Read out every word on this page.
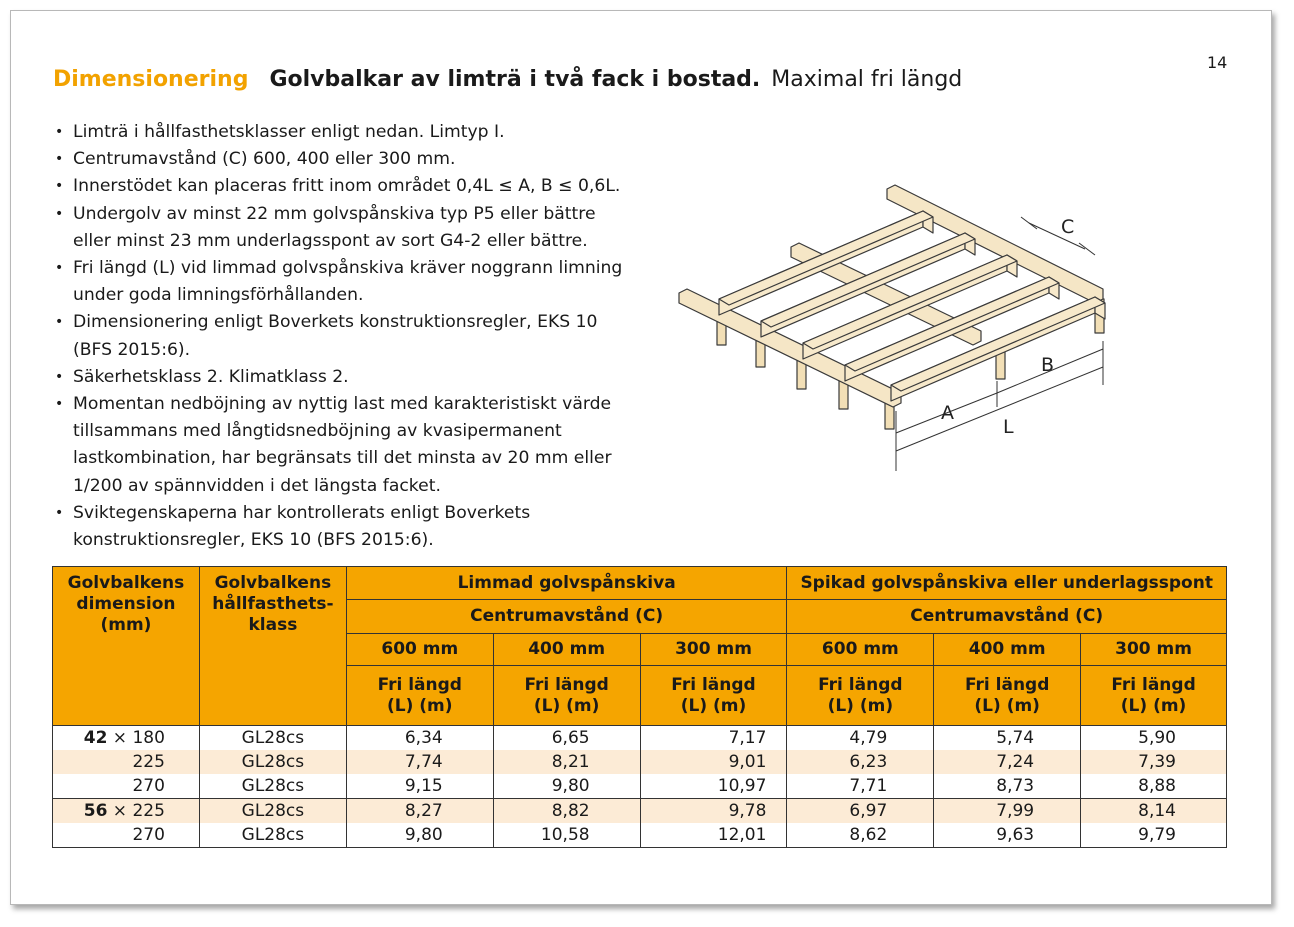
14
Dimensionering Golvbalkar av limträ i två fack i bostad. Maximal fri längd
• Limträ i hållfasthetsklasser enligt nedan. Limtyp I.
• Centrumavstånd (C) 600, 400 eller 300 mm.
• Innerstödet kan placeras fritt inom området 0,4L ≤ A, B ≤ 0,6L.
• Undergolv av minst 22 mm golvspånskiva typ P5 eller bättre eller minst 23 mm underlagsspont av sort G4-2 eller bättre.
• Fri längd (L) vid limmad golvspånskiva kräver noggrann limning under goda limningsförhållanden.
• Dimensionering enligt Boverkets konstruktionsregler, EKS 10 (BFS 2015:6).
• Säkerhetsklass 2. Klimatklass 2.
• Momentan nedböjning av nyttig last med karakteristiskt värde tillsammans med långtidsnedböjning av kvasipermanent lastkombination, har begränsats till det minsta av 20 mm eller 1/200 av spännvidden i det längsta facket.
• Sviktegenskaperna har kontrollerats enligt Boverkets konstruktionsregler, EKS 10 (BFS 2015:6).
C
A
B
L
Golvbalkens dimension (mm)	Golvbalkens hållfasthets-klass	Limmad golvspånskiva			Spikad golvspånskiva eller underlagsspont		
		Centrumavstånd (C)			Centrumavstånd (C)		
		600 mm	400 mm	300 mm	600 mm	400 mm	300 mm
		Fri längd (L) (m)	Fri längd (L) (m)	Fri längd (L) (m)	Fri längd (L) (m)	Fri längd (L) (m)	Fri längd (L) (m)
42 × 180	GL28cs	6,34	6,65	7,17	4,79	5,74	5,90
225	GL28cs	7,74	8,21	9,01	6,23	7,24	7,39
270	GL28cs	9,15	9,80	10,97	7,71	8,73	8,88
56 × 225	GL28cs	8,27	8,82	9,78	6,97	7,99	8,14
270	GL28cs	9,80	10,58	12,01	8,62	9,63	9,79
